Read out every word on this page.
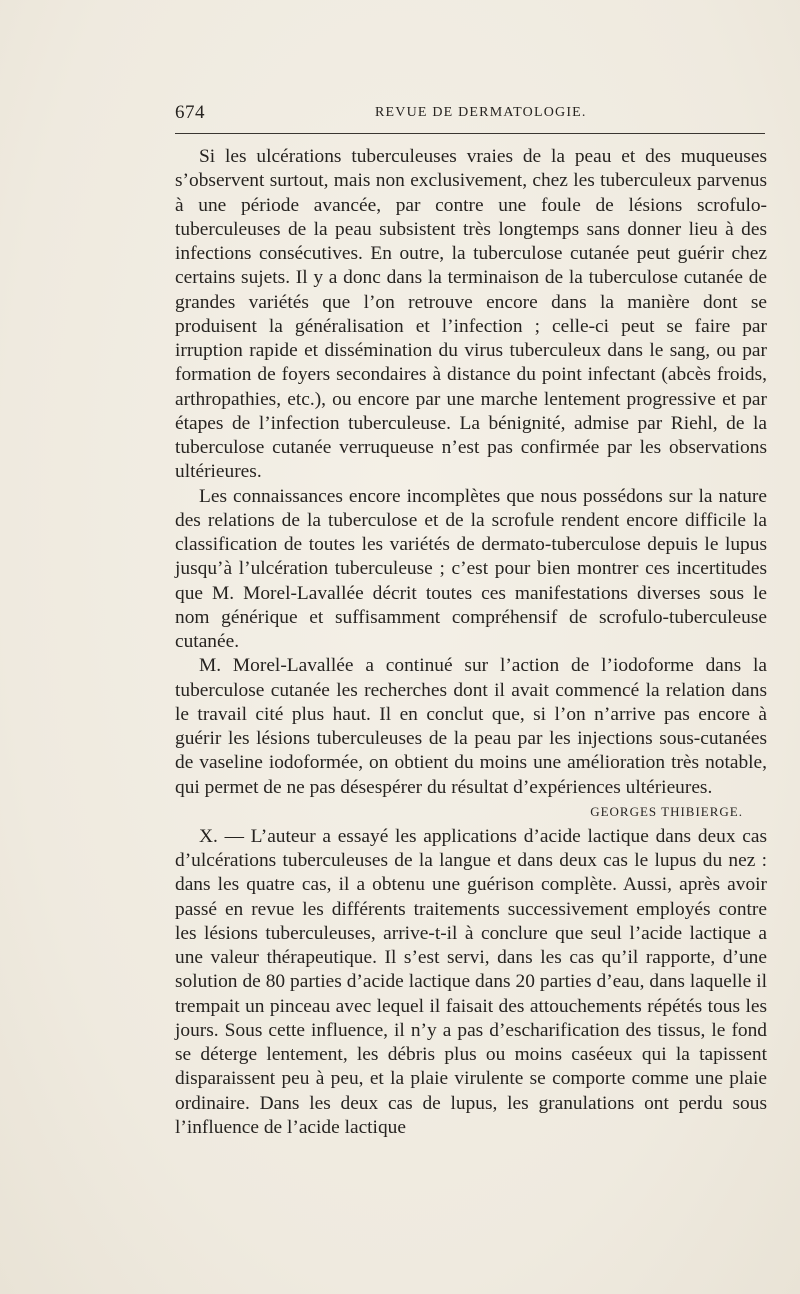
674	REVUE DE DERMATOLOGIE.

Si les ulcérations tuberculeuses vraies de la peau et des muqueuses s’observent surtout, mais non exclusivement, chez les tuberculeux parvenus à une période avancée, par contre une foule de lésions scrofulo-tuberculeuses de la peau subsistent très longtemps sans donner lieu à des infections consécutives. En outre, la tuberculose cutanée peut guérir chez certains sujets. Il y a donc dans la terminaison de la tuberculose cutanée de grandes variétés que l’on retrouve encore dans la manière dont se produisent la généralisation et l’infection ; celle-ci peut se faire par irruption rapide et dissémination du virus tuberculeux dans le sang, ou par formation de foyers secondaires à distance du point infectant (abcès froids, arthropathies, etc.), ou encore par une marche lentement progressive et par étapes de l’infection tuberculeuse. La bénignité, admise par Riehl, de la tuberculose cutanée verruqueuse n’est pas confirmée par les observations ultérieures.

Les connaissances encore incomplètes que nous possédons sur la nature des relations de la tuberculose et de la scrofule rendent encore difficile la classification de toutes les variétés de dermato-tuberculose depuis le lupus jusqu’à l’ulcération tuberculeuse ; c’est pour bien montrer ces incertitudes que M. Morel-Lavallée décrit toutes ces manifestations diverses sous le nom générique et suffisamment compréhensif de scrofulo-tuberculeuse cutanée.

M. Morel-Lavallée a continué sur l’action de l’iodoforme dans la tuberculose cutanée les recherches dont il avait commencé la relation dans le travail cité plus haut. Il en conclut que, si l’on n’arrive pas encore à guérir les lésions tuberculeuses de la peau par les injections sous-cutanées de vaseline iodoformée, on obtient du moins une amélioration très notable, qui permet de ne pas désespérer du résultat d’expériences ultérieures.
GEORGES THIBIERGE.

X. — L’auteur a essayé les applications d’acide lactique dans deux cas d’ulcérations tuberculeuses de la langue et dans deux cas le lupus du nez : dans les quatre cas, il a obtenu une guérison complète. Aussi, après avoir passé en revue les différents traitements successivement employés contre les lésions tuberculeuses, arrive-t-il à conclure que seul l’acide lactique a une valeur thérapeutique. Il s’est servi, dans les cas qu’il rapporte, d’une solution de 80 parties d’acide lactique dans 20 parties d’eau, dans laquelle il trempait un pinceau avec lequel il faisait des attouchements répétés tous les jours. Sous cette influence, il n’y a pas d’escharification des tissus, le fond se déterge lentement, les débris plus ou moins caséeux qui la tapissent disparaissent peu à peu, et la plaie virulente se comporte comme une plaie ordinaire. Dans les deux cas de lupus, les granulations ont perdu sous l’influence de l’acide lactique
